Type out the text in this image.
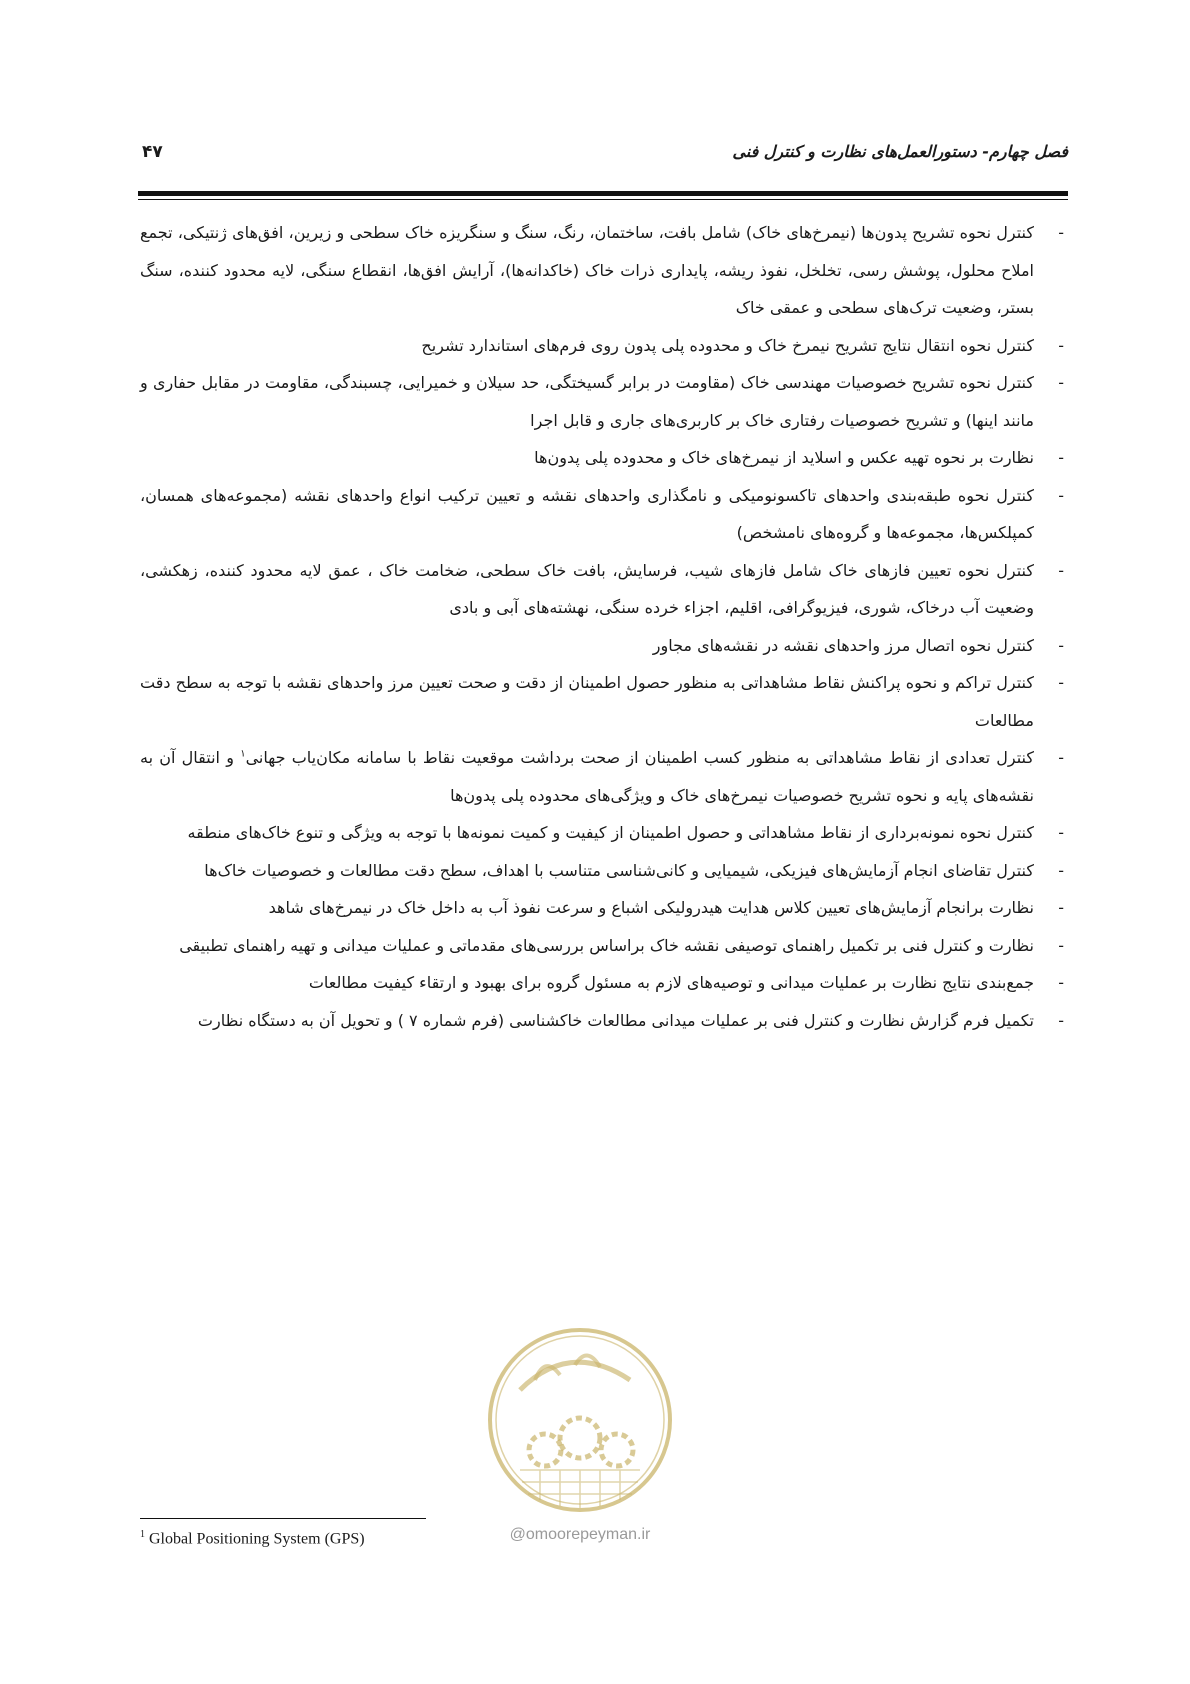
فصل چهارم- دستورالعمل‌های نظارت و کنترل فنی
۴۷
-
کنترل نحوه تشریح پدون‌ها (نیمرخ‌های خاک) شامل بافت، ساختمان، رنگ، سنگ و سنگریزه خاک سطحی و زیرین، افق‌های ژنتیکی، تجمع املاح محلول، پوشش رسی، تخلخل، نفوذ ریشه، پایداری ذرات خاک (خاکدانه‌ها)، آرایش افق‌ها، انقطاع سنگی، لایه محدود کننده، سنگ بستر، وضعیت ترک‌های سطحی و عمقی خاک
-
کنترل نحوه انتقال نتایج تشریح نیمرخ خاک و محدوده پلی پدون روی فرم‌های استاندارد تشریح
-
کنترل نحوه تشریح خصوصیات مهندسی خاک (مقاومت در برابر گسیختگی، حد سیلان و خمیرایی، چسبندگی، مقاومت در مقابل حفاری و مانند اینها) و تشریح خصوصیات رفتاری خاک بر کاربری‌های جاری و قابل اجرا
-
نظارت بر نحوه تهیه عکس و اسلاید از نیمرخ‌های خاک و محدوده پلی پدون‌ها
-
کنترل نحوه طبقه‌بندی واحدهای تاکسونومیکی و نامگذاری واحدهای نقشه و تعیین ترکیب انواع واحدهای نقشه (مجموعه‌های همسان، کمپلکس‌ها، مجموعه‌ها و گروه‌های نامشخص)
-
کنترل نحوه تعیین فازهای خاک شامل فازهای شیب، فرسایش، بافت خاک سطحی، ضخامت خاک ، عمق لایه محدود کننده، زهکشی، وضعیت آب درخاک، شوری، فیزیوگرافی، اقلیم، اجزاء خرده سنگی، نهشته‌های آبی و بادی
-
کنترل نحوه اتصال مرز واحدهای نقشه در نقشه‌های مجاور
-
کنترل تراکم و نحوه پراکنش نقاط مشاهداتی به منظور حصول اطمینان از دقت و صحت تعیین مرز واحدهای نقشه با توجه به سطح دقت مطالعات
-
کنترل تعدادی از نقاط مشاهداتی به منظور کسب اطمینان از صحت برداشت موقعیت نقاط با سامانه مکان‌یاب جهانی$^۱$ و انتقال آن به نقشه‌های پایه و نحوه تشریح خصوصیات نیمرخ‌های خاک و ویژگی‌های محدوده پلی پدون‌ها
-
کنترل نحوه نمونه‌برداری از نقاط مشاهداتی و حصول اطمینان از کیفیت و کمیت نمونه‌ها با توجه به ویژگی و تنوع خاک‌های منطقه
-
کنترل تقاضای انجام آزمایش‌های فیزیکی، شیمیایی و کانی‌شناسی متناسب با اهداف، سطح دقت مطالعات و خصوصیات خاک‌ها
-
نظارت برانجام آزمایش‌های تعیین کلاس هدایت هیدرولیکی اشباع و سرعت نفوذ آب به داخل خاک در نیمرخ‌های شاهد
-
نظارت و کنترل فنی بر تکمیل راهنمای توصیفی نقشه خاک براساس بررسی‌های مقدماتی و عملیات میدانی و تهیه راهنمای تطبیقی
-
جمع‌بندی نتایج نظارت بر عملیات میدانی و توصیه‌های لازم به مسئول گروه برای بهبود و ارتقاء کیفیت مطالعات
-
تکمیل فرم گزارش نظارت و کنترل فنی بر عملیات میدانی مطالعات خاکشناسی (فرم شماره ۷ ) و تحویل آن به دستگاه نظارت
@omoorepeyman.ir
$^1$ Global Positioning System (GPS)
